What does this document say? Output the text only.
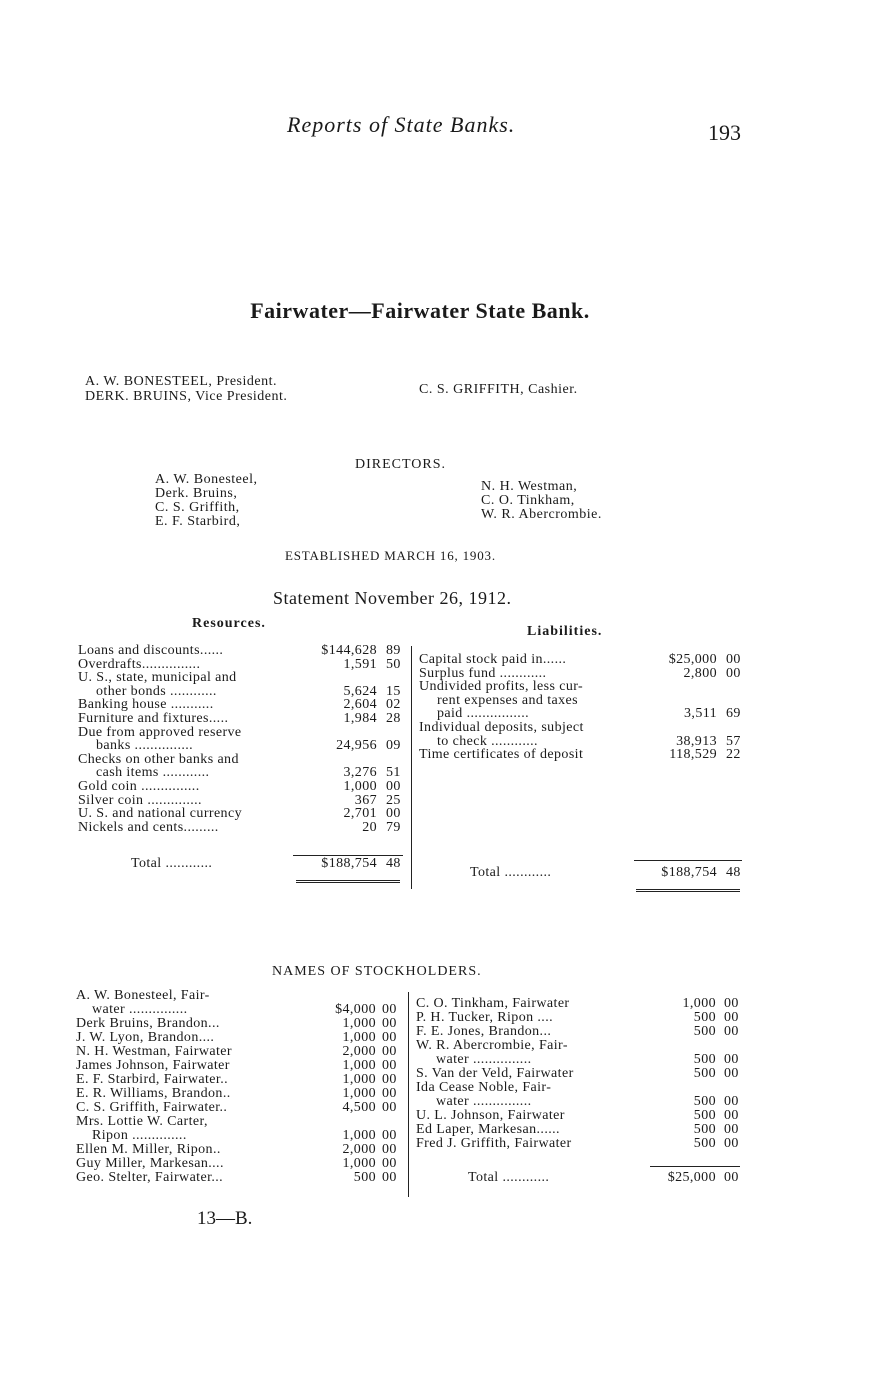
Reports of State Banks.	193
Fairwater—Fairwater State Bank.
A. W. BONESTEEL, President.
DERK. BRUINS, Vice President.	C. S. GRIFFITH, Cashier.
DIRECTORS.
A. W. Bonesteel,
Derk. Bruins,
C. S. Griffith,
E. F. Starbird,
N. H. Westman,
C. O. Tinkham,
W. R. Abercrombie.
ESTABLISHED MARCH 16, 1903.
Statement November 26, 1912.
Resources.
Liabilities.
Loans and discounts......	$144,628 89
Overdrafts...............	1,591 50
U. S., state, municipal and
other bonds ............	5,624 15
Banking house ...........	2,604 02
Furniture and fixtures.....	1,984 28
Due from approved reserve
banks ...............	24,956 09
Checks on other banks and
cash items ............	3,276 51
Gold coin ...............	1,000 00
Silver coin ..............	367 25
U. S. and national currency	2,701 00
Nickels and cents.........	20 79
Capital stock paid in......	$25,000 00
Surplus fund ............	2,800 00
Undivided profits, less cur-
rent expenses and taxes
paid ................	3,511 69
Individual deposits, subject
to check ............	38,913 57
Time certificates of deposit	118,529 22
Total ............	$188,754 48
Total ............	$188,754 48
NAMES OF STOCKHOLDERS.
A. W. Bonesteel, Fair-
water ...............	$4,000 00
Derk Bruins, Brandon...	1,000 00
J. W. Lyon, Brandon....	1,000 00
N. H. Westman, Fairwater	2,000 00
James Johnson, Fairwater	1,000 00
E. F. Starbird, Fairwater..	1,000 00
E. R. Williams, Brandon..	1,000 00
C. S. Griffith, Fairwater..	4,500 00
Mrs. Lottie W. Carter,
Ripon ..............	1,000 00
Ellen M. Miller, Ripon..	2,000 00
Guy Miller, Markesan....	1,000 00
Geo. Stelter, Fairwater...	500 00
C. O. Tinkham, Fairwater	1,000 00
P. H. Tucker, Ripon ....	500 00
F. E. Jones, Brandon...	500 00
W. R. Abercrombie, Fair-
water ...............	500 00
S. Van der Veld, Fairwater	500 00
Ida Cease Noble, Fair-
water ...............	500 00
U. L. Johnson, Fairwater	500 00
Ed Laper, Markesan......	500 00
Fred J. Griffith, Fairwater	500 00
Total ............	$25,000 00
13—B.
